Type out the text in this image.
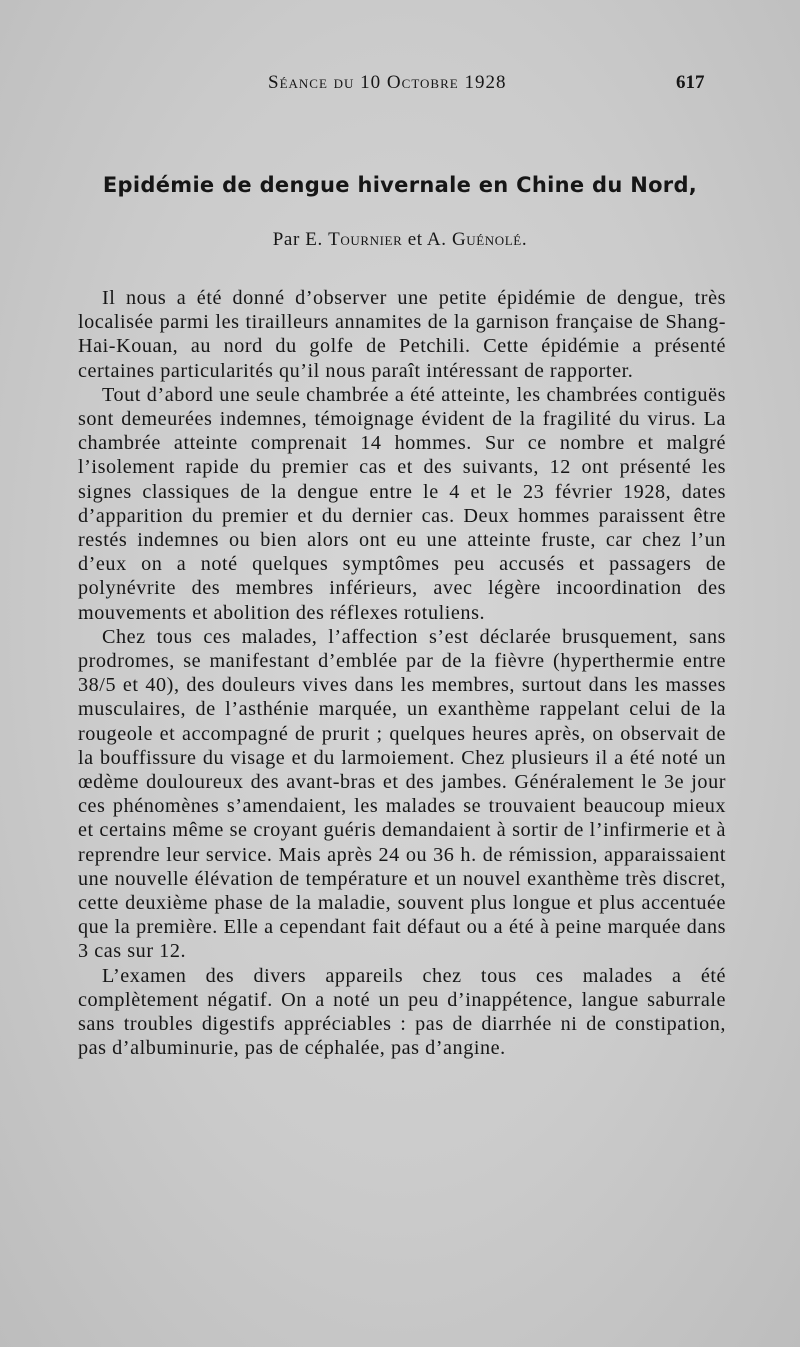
Séance du 10 Octobre 1928	617
Epidémie de dengue hivernale en Chine du Nord,
Par E. Tournier et A. Guénolé.

Il nous a été donné d’observer une petite épidémie de dengue, très localisée parmi les tirailleurs annamites de la garnison française de Shang-Hai-Kouan, au nord du golfe de Petchili. Cette épidémie a présenté certaines particularités qu’il nous paraît intéressant de rapporter.

Tout d’abord une seule chambrée a été atteinte, les chambrées contiguës sont demeurées indemnes, témoignage évident de la fragilité du virus. La chambrée atteinte comprenait 14 hommes. Sur ce nombre et malgré l’isolement rapide du premier cas et des suivants, 12 ont présenté les signes classiques de la dengue entre le 4 et le 23 février 1928, dates d’apparition du premier et du dernier cas. Deux hommes paraissent être restés indemnes ou bien alors ont eu une atteinte fruste, car chez l’un d’eux on a noté quelques symptômes peu accusés et passagers de polynévrite des membres inférieurs, avec légère incoordination des mouvements et abolition des réflexes rotuliens.

Chez tous ces malades, l’affection s’est déclarée brusquement, sans prodromes, se manifestant d’emblée par de la fièvre (hyperthermie entre 38/5 et 40), des douleurs vives dans les membres, surtout dans les masses musculaires, de l’asthénie marquée, un exanthème rappelant celui de la rougeole et accompagné de prurit ; quelques heures après, on observait de la bouffissure du visage et du larmoiement. Chez plusieurs il a été noté un œdème douloureux des avant-bras et des jambes. Généralement le 3e jour ces phénomènes s’amendaient, les malades se trouvaient beaucoup mieux et certains même se croyant guéris demandaient à sortir de l’infirmerie et à reprendre leur service. Mais après 24 ou 36 h. de rémission, apparaissaient une nouvelle élévation de température et un nouvel exanthème très discret, cette deuxième phase de la maladie, souvent plus longue et plus accentuée que la première. Elle a cependant fait défaut ou a été à peine marquée dans 3 cas sur 12.

L’examen des divers appareils chez tous ces malades a été complètement négatif. On a noté un peu d’inappétence, langue saburrale sans troubles digestifs appréciables : pas de diarrhée ni de constipation, pas d’albuminurie, pas de céphalée, pas d’angine.
